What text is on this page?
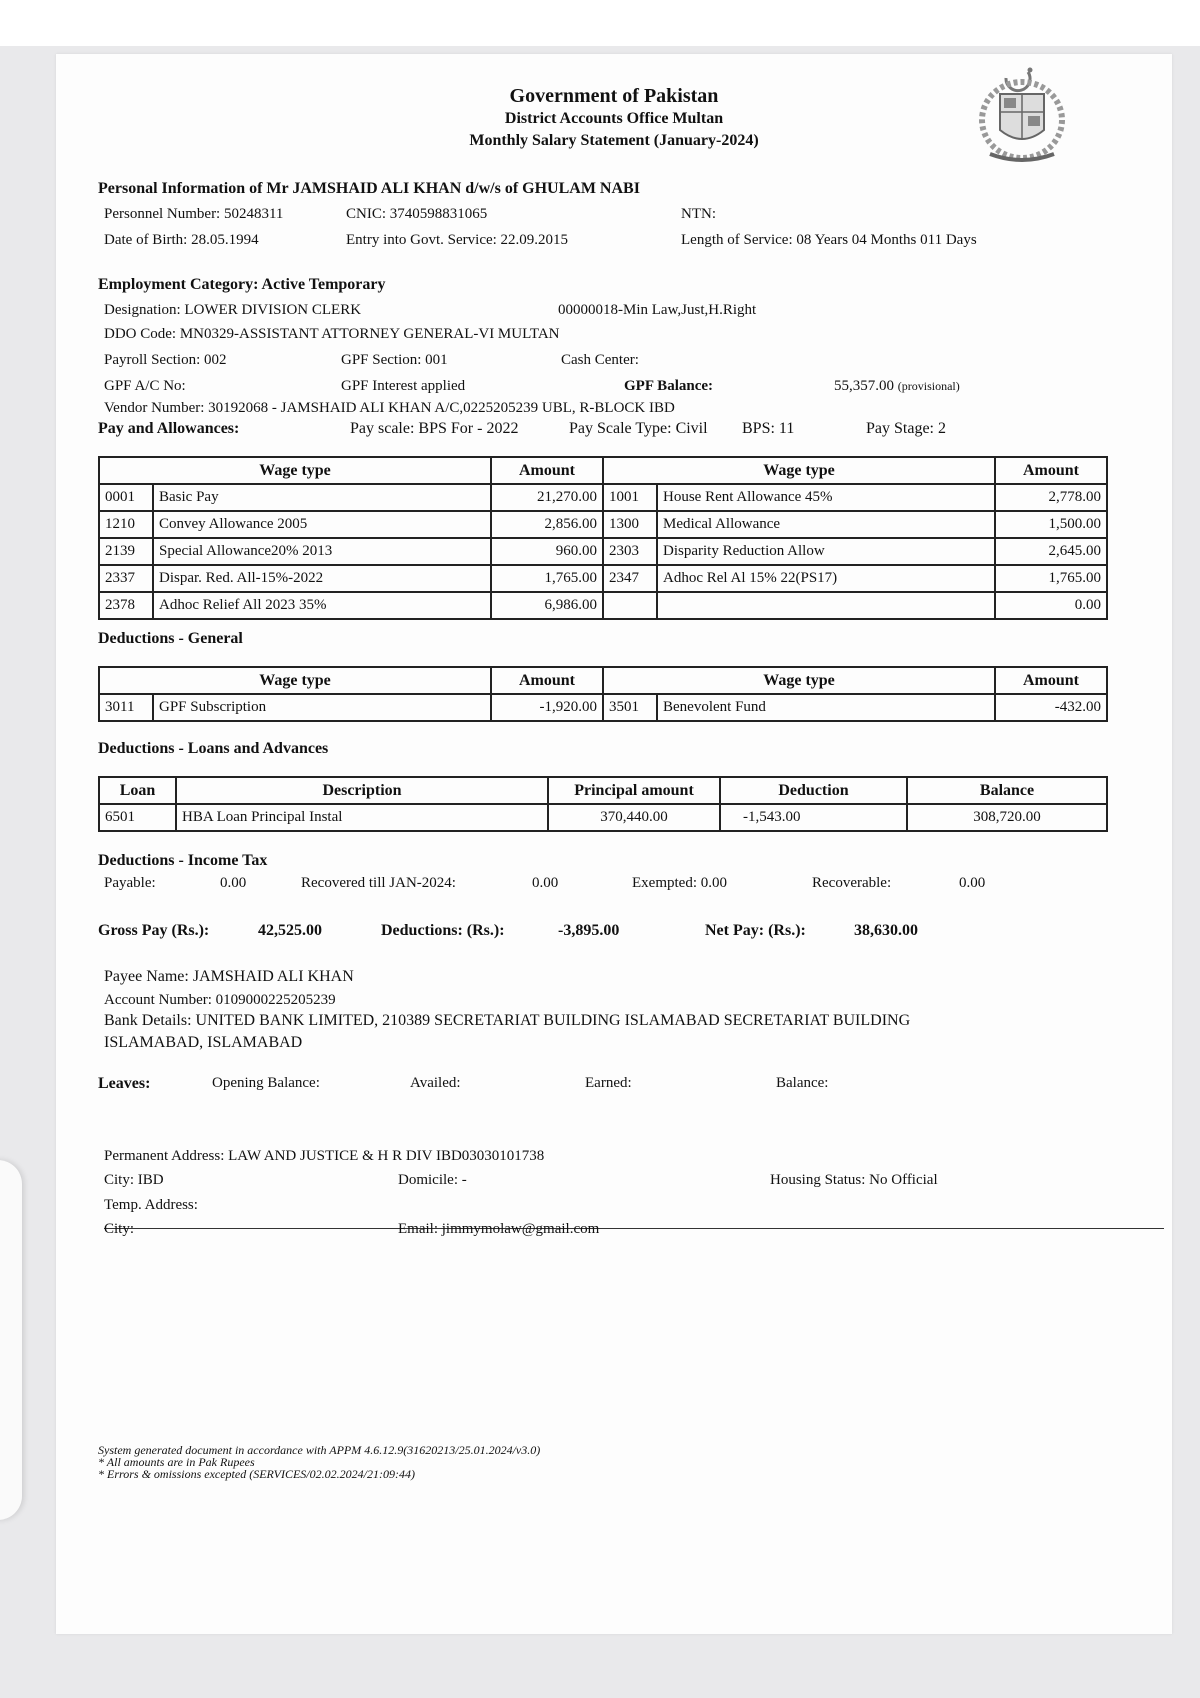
Government of Pakistan
District Accounts Office Multan
Monthly Salary Statement (January-2024)
Personal Information of Mr JAMSHAID ALI KHAN d/w/s of GHULAM NABI
Personnel Number: 50248311	CNIC: 3740598831065	NTN:
Date of Birth: 28.05.1994	Entry into Govt. Service: 22.09.2015	Length of Service: 08 Years 04 Months 011 Days
Employment Category: Active Temporary
Designation: LOWER DIVISION CLERK	00000018-Min Law,Just,H.Right
DDO Code: MN0329-ASSISTANT ATTORNEY GENERAL-VI MULTAN
Payroll Section: 002	GPF Section: 001	Cash Center:
GPF A/C No:	GPF Interest applied	GPF Balance:	55,357.00 (provisional)
Vendor Number: 30192068 - JAMSHAID ALI KHAN A/C,0225205239 UBL, R-BLOCK IBD
Pay and Allowances:	Pay scale: BPS For - 2022	Pay Scale Type: Civil BPS: 11	Pay Stage: 2
Wage type		Amount	Wage type		Amount
0001	Basic Pay	21,270.00	1001	House Rent Allowance 45%	2,778.00
1210	Convey Allowance 2005	2,856.00	1300	Medical Allowance	1,500.00
2139	Special Allowance20% 2013	960.00	2303	Disparity Reduction Allow	2,645.00
2337	Dispar. Red. All-15%-2022	1,765.00	2347	Adhoc Rel Al 15% 22(PS17)	1,765.00
2378	Adhoc Relief All 2023 35%	6,986.00			0.00
Deductions - General
Wage type		Amount	Wage type		Amount
3011	GPF Subscription	-1,920.00	3501	Benevolent Fund	-432.00
Deductions - Loans and Advances
Loan	Description	Principal amount	Deduction	Balance
6501	HBA Loan Principal Instal	370,440.00	-1,543.00	308,720.00
Deductions - Income Tax
Payable:	0.00	Recovered till JAN-2024:	0.00	Exempted: 0.00	Recoverable:	0.00
Gross Pay (Rs.):	42,525.00	Deductions: (Rs.):	-3,895.00	Net Pay: (Rs.):	38,630.00
Payee Name: JAMSHAID ALI KHAN
Account Number: 0109000225205239
Bank Details: UNITED BANK LIMITED, 210389 SECRETARIAT BUILDING ISLAMABAD SECRETARIAT BUILDING
ISLAMABAD, ISLAMABAD
Leaves:	Opening Balance:	Availed:	Earned:	Balance:
Permanent Address: LAW AND JUSTICE & H R DIV IBD03030101738
City: IBD	Domicile: -	Housing Status: No Official
Temp. Address:
City:	Email: jimmymolaw@gmail.com
System generated document in accordance with APPM 4.6.12.9(31620213/25.01.2024/v3.0)
* All amounts are in Pak Rupees
* Errors & omissions excepted (SERVICES/02.02.2024/21:09:44)
